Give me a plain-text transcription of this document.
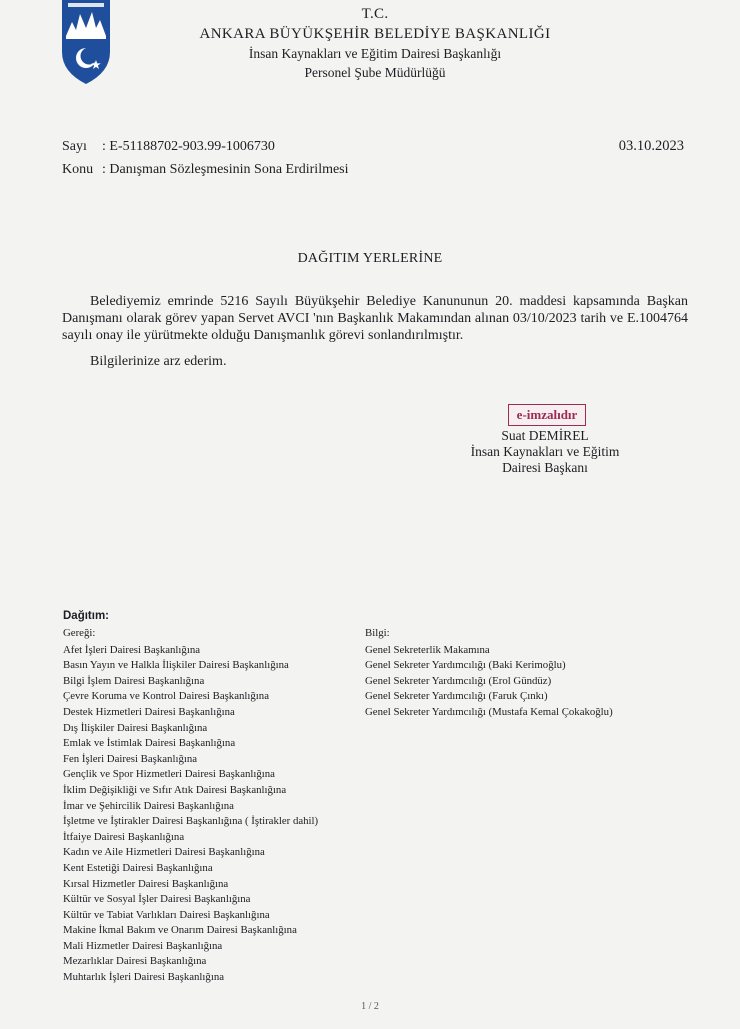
T.C.
ANKARA BÜYÜKŞEHİR BELEDİYE BAŞKANLIĞI
İnsan Kaynakları ve Eğitim Dairesi Başkanlığı
Personel Şube Müdürlüğü
Sayı : E-51188702-903.99-1006730
Konu : Danışman Sözleşmesinin Sona Erdirilmesi
03.10.2023
DAĞITIM YERLERİNE
Belediyemiz emrinde 5216 Sayılı Büyükşehir Belediye Kanununun 20. maddesi kapsamında Başkan Danışmanı olarak görev yapan Servet AVCI 'nın Başkanlık Makamından alınan 03/10/2023 tarih ve E.1004764 sayılı onay ile yürütmekte olduğu Danışmanlık görevi sonlandırılmıştır.
Bilgilerinize arz ederim.
e-imzalıdır
Suat DEMİREL
İnsan Kaynakları ve Eğitim
Dairesi Başkanı
Dağıtım:
Gereği:
Afet İşleri Dairesi Başkanlığına
Basın Yayın ve Halkla İlişkiler Dairesi Başkanlığına
Bilgi İşlem Dairesi Başkanlığına
Çevre Koruma ve Kontrol Dairesi Başkanlığına
Destek Hizmetleri Dairesi Başkanlığına
Dış İlişkiler Dairesi Başkanlığına
Emlak ve İstimlak Dairesi Başkanlığına
Fen İşleri Dairesi Başkanlığına
Gençlik ve Spor Hizmetleri Dairesi Başkanlığına
İklim Değişikliği ve Sıfır Atık Dairesi Başkanlığına
İmar ve Şehircilik Dairesi Başkanlığına
İşletme ve İştirakler Dairesi Başkanlığına ( İştirakler dahil)
İtfaiye Dairesi Başkanlığına
Kadın ve Aile Hizmetleri Dairesi Başkanlığına
Kent Estetiği Dairesi Başkanlığına
Kırsal Hizmetler Dairesi Başkanlığına
Kültür ve Sosyal İşler Dairesi Başkanlığına
Kültür ve Tabiat Varlıkları Dairesi Başkanlığına
Makine İkmal Bakım ve Onarım Dairesi Başkanlığına
Mali Hizmetler Dairesi Başkanlığına
Mezarlıklar Dairesi Başkanlığına
Muhtarlık İşleri Dairesi Başkanlığına
Bilgi:
Genel Sekreterlik Makamına
Genel Sekreter Yardımcılığı (Baki Kerimoğlu)
Genel Sekreter Yardımcılığı (Erol Gündüz)
Genel Sekreter Yardımcılığı (Faruk Çınkı)
Genel Sekreter Yardımcılığı (Mustafa Kemal Çokakoğlu)
1 / 2
